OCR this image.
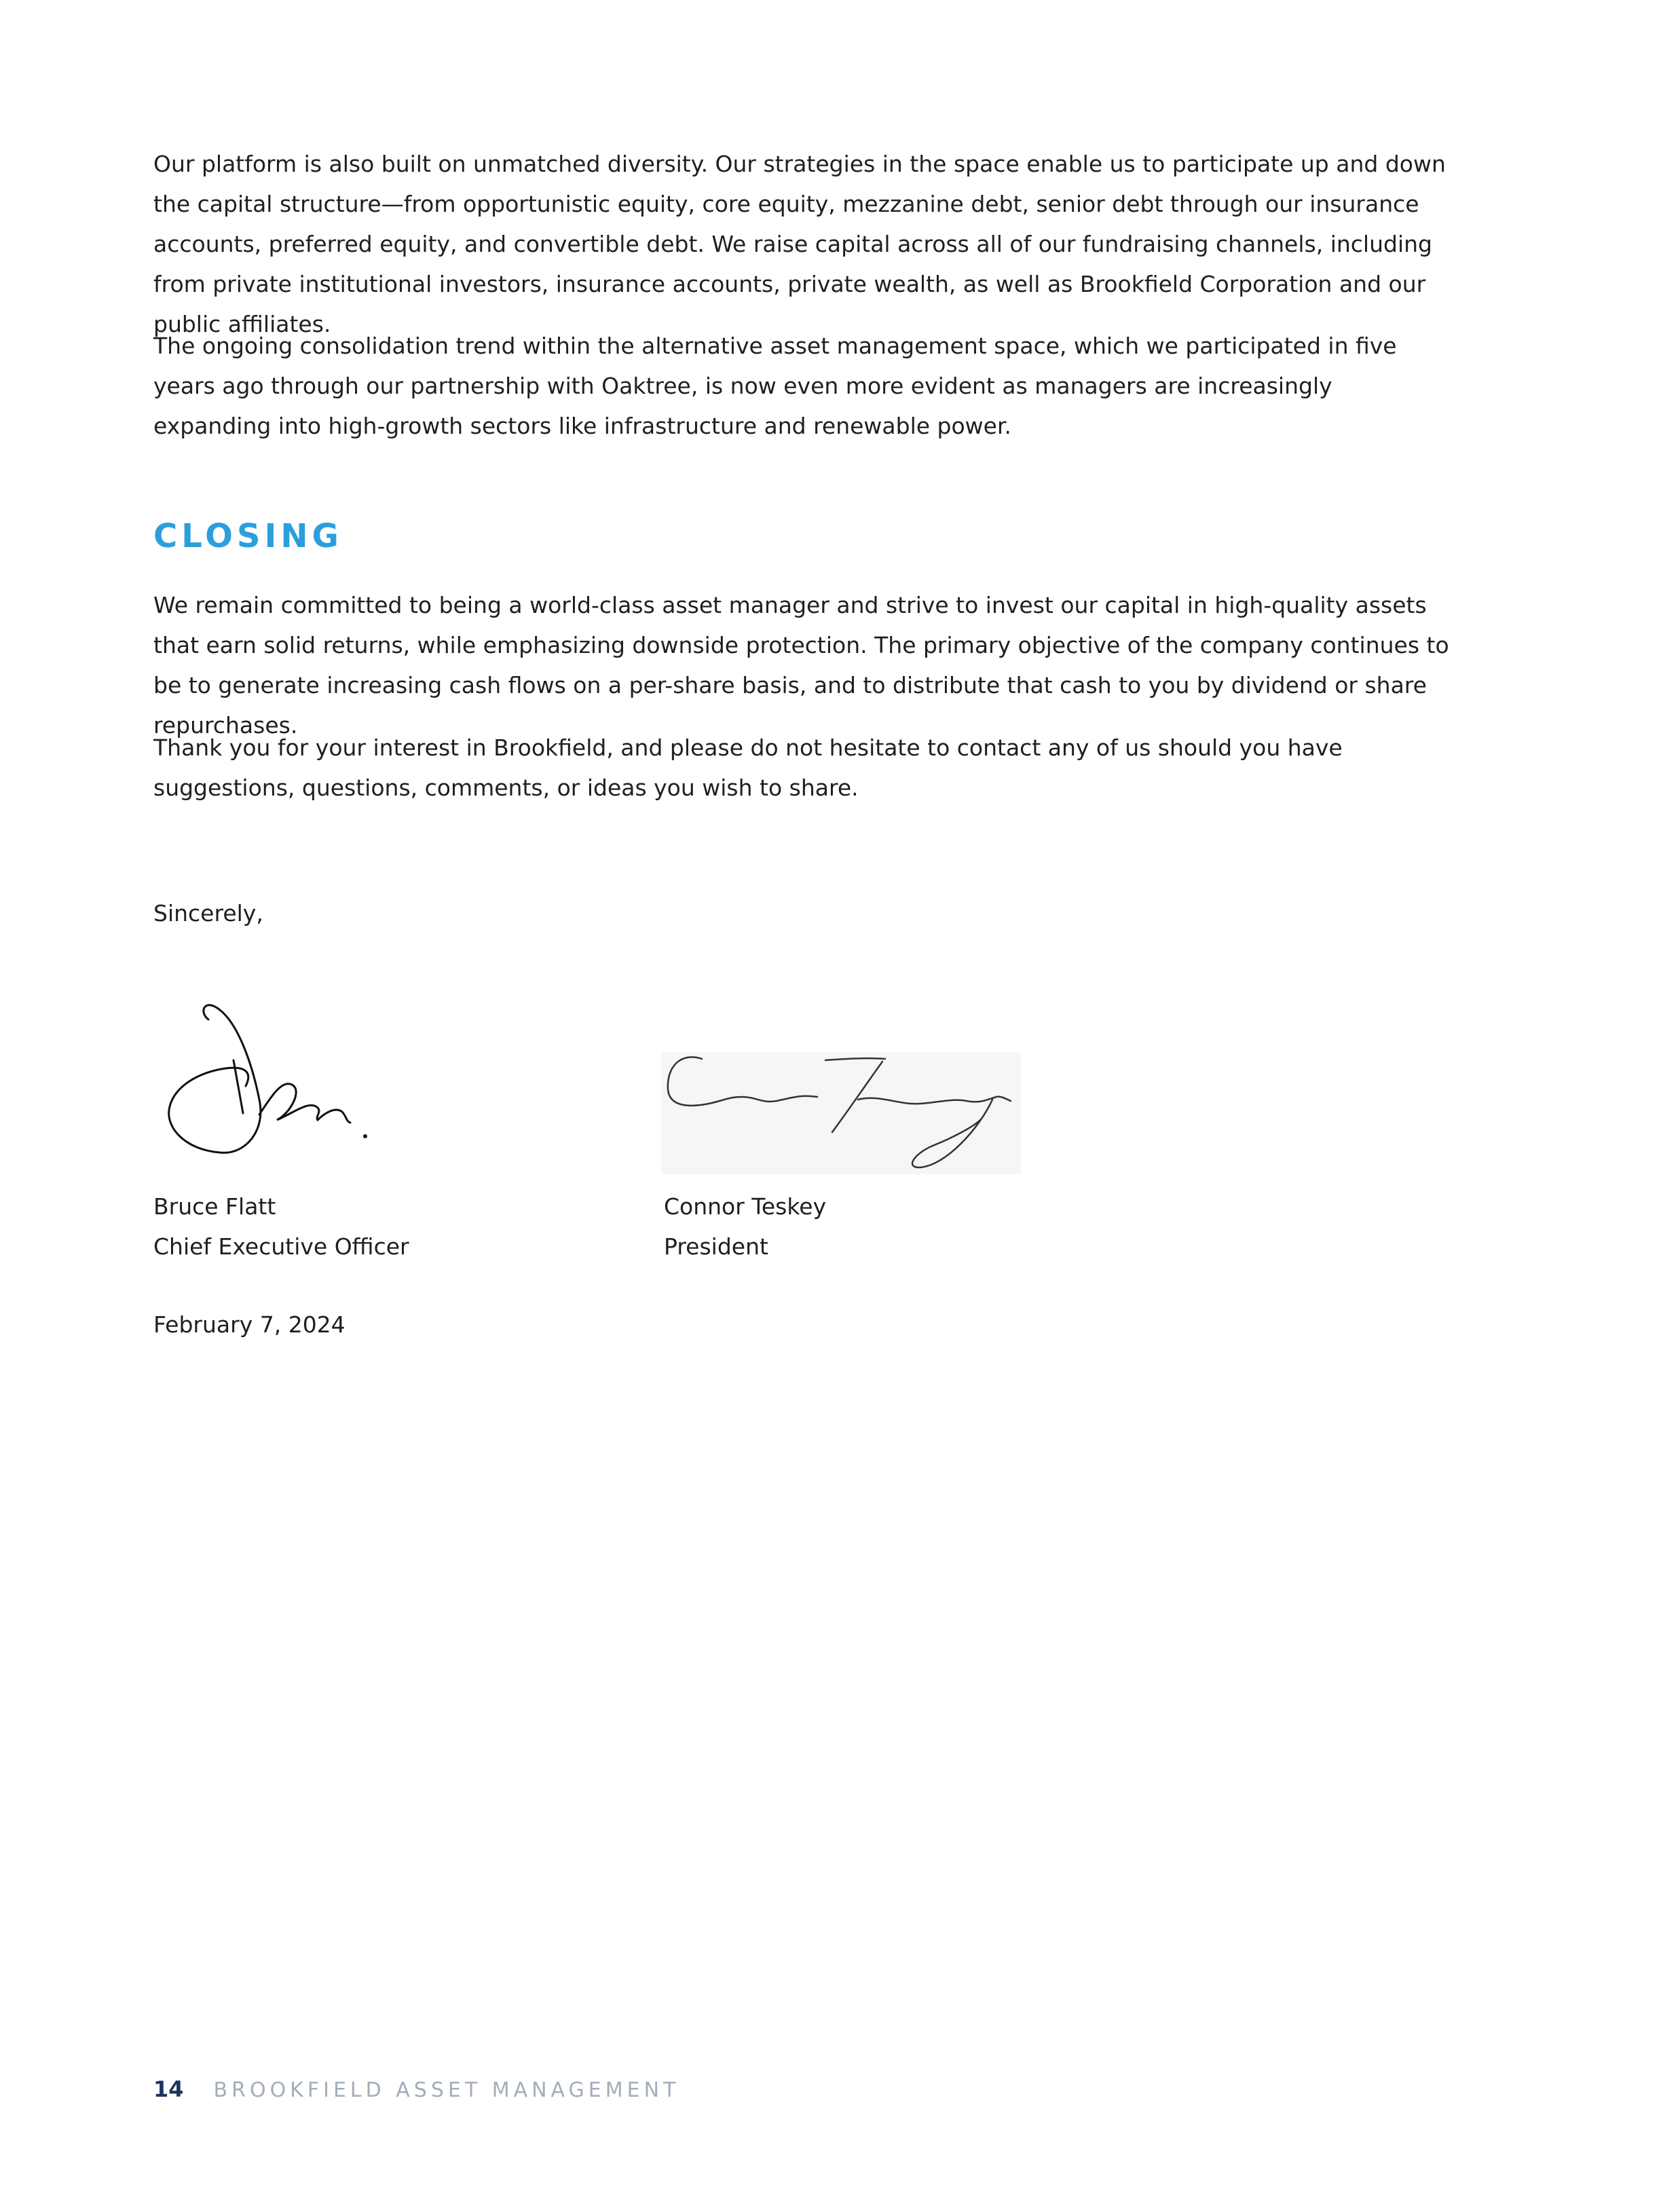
Our platform is also built on unmatched diversity. Our strategies in the space enable us to participate up and down the capital structure—from opportunistic equity, core equity, mezzanine debt, senior debt through our insurance accounts, preferred equity, and convertible debt. We raise capital across all of our fundraising channels, including from private institutional investors, insurance accounts, private wealth, as well as Brookfield Corporation and our public affiliates.

The ongoing consolidation trend within the alternative asset management space, which we participated in five years ago through our partnership with Oaktree, is now even more evident as managers are increasingly expanding into high-growth sectors like infrastructure and renewable power.

CLOSING

We remain committed to being a world-class asset manager and strive to invest our capital in high-quality assets that earn solid returns, while emphasizing downside protection. The primary objective of the company continues to be to generate increasing cash flows on a per-share basis, and to distribute that cash to you by dividend or share repurchases.

Thank you for your interest in Brookfield, and please do not hesitate to contact any of us should you have suggestions, questions, comments, or ideas you wish to share.

Sincerely,
Bruce Flatt
Chief Executive Officer
Connor Teskey
President
February 7, 2024
14 BROOKFIELD ASSET MANAGEMENT
